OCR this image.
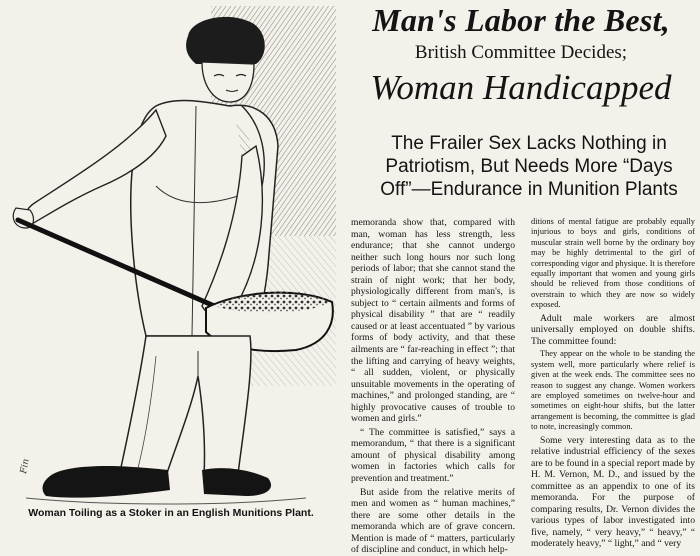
Fin
Woman Toiling as a Stoker in an English Munitions Plant.
Man's Labor the Best,
British Committee Decides;
Woman Handicapped
The Frailer Sex Lacks Nothing in
Patriotism, But Needs More “Days
Off”—Endurance in Munition Plants

memoranda show that, compared with man, woman has less strength, less endurance; that she cannot undergo neither such long hours nor such long periods of labor; that she cannot stand the strain of night work; that her body, physiologically different from man's, is subject to “ certain ailments and forms of physical disability ” that are “ readily caused or at least accentuated ” by various forms of body activity, and that these ailments are “ far-reaching in effect ”; that the lifting and carrying of heavy weights, “ all sudden, violent, or physically unsuitable movements in the operating of machines,” and prolonged standing, are “ highly provocative causes of trouble to women and girls.”

“ The committee is satisfied,” says a memorandum, “ that there is a significant amount of physical disability among women in factories which calls for prevention and treatment.”

But aside from the relative merits of men and women as “ human machines,” there are some other details in the memoranda which are of grave concern. Mention is made of “ matters, particularly of discipline and conduct, in which help-

ditions of mental fatigue are probably equally injurious to boys and girls, conditions of muscular strain well borne by the ordinary boy may be highly detrimental to the girl of corresponding vigor and physique. It is therefore equally important that women and young girls should be relieved from those conditions of overstrain to which they are now so widely exposed.

Adult male workers are almost universally employed on double shifts. The committee found:

They appear on the whole to be standing the system well, more particularly where relief is given at the week ends. The committee sees no reason to suggest any change. Women workers are employed sometimes on twelve-hour and sometimes on eight-hour shifts, but the latter arrangement is becoming, the committee is glad to note, increasingly common.

Some very interesting data as to the relative industrial efficiency of the sexes are to be found in a special report made by H. M. Vernon, M. D., and issued by the committee as an appendix to one of its memoranda. For the purpose of comparing results, Dr. Vernon divides the various types of labor investigated into five, namely, “ very heavy,” “ heavy,” “ moderately heavy,” “ light,” and “ very
